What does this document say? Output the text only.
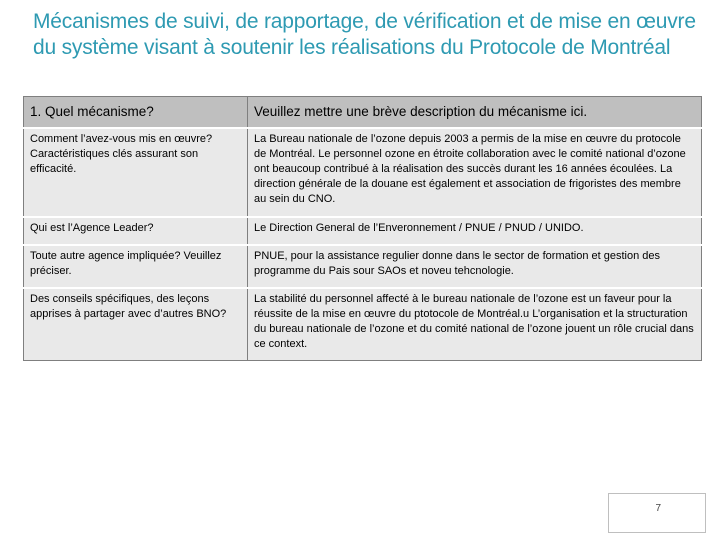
Mécanismes de suivi, de rapportage, de vérification et de mise en œuvre du système visant à soutenir les réalisations du Protocole de Montréal
1. Quel mécanisme?	Veuillez mettre une brève description du mécanisme ici.
Comment l’avez-vous mis en œuvre? Caractéristiques clés assurant son efficacité.	La Bureau nationale de l’ozone depuis 2003 a permis de la mise en œuvre du protocole de Montréal. Le personnel ozone en étroite collaboration avec le comité national d’ozone ont beaucoup contribué à la réalisation des succès durant les 16 années écoulées. La direction générale de la douane est également et association de frigoristes des membre au sein du CNO.
Qui est l’Agence Leader?	Le Direction General de l’Enveronnement / PNUE / PNUD / UNIDO.
Toute autre agence impliquée? Veuillez préciser.	PNUE, pour la assistance regulier donne dans le sector de formation et gestion des programme du Pais sour SAOs et noveu tehcnologie.
Des conseils spécifiques, des leçons apprises à partager avec d’autres BNO?	La stabilité du personnel affecté à le bureau nationale de l’ozone est un faveur pour la réussite de la mise en œuvre du ptotocole de Montréal.u L’organisation et la structuration du bureau nationale de l’ozone et du comité national de l’ozone jouent un rôle crucial dans ce context.
7
